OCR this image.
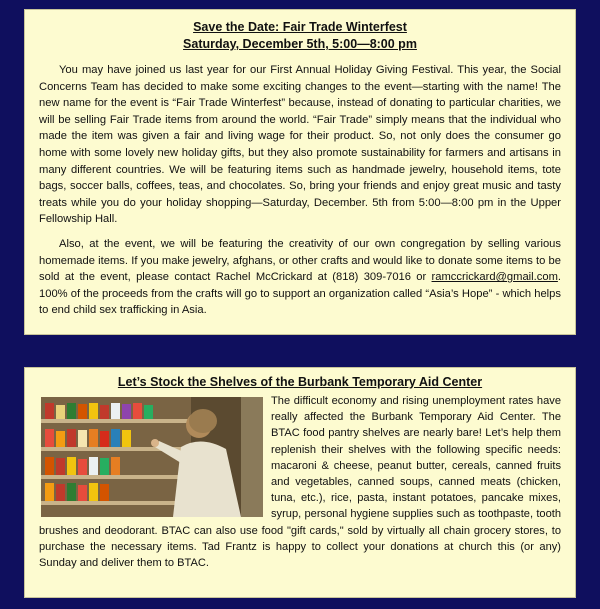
Save the Date: Fair Trade Winterfest
Saturday, December 5th, 5:00—8:00 pm

You may have joined us last year for our First Annual Holiday Giving Festival. This year, the Social Concerns Team has decided to make some exciting changes to the event—starting with the name! The new name for the event is “Fair Trade Winterfest” because, instead of donating to particular charities, we will be selling Fair Trade items from around the world. “Fair Trade” simply means that the individual who made the item was given a fair and living wage for their product. So, not only does the consumer go home with some lovely new holiday gifts, but they also promote sustainability for farmers and artisans in many different countries. We will be featuring items such as handmade jewelry, household items, tote bags, soccer balls, coffees, teas, and chocolates. So, bring your friends and enjoy great music and tasty treats while you do your holiday shopping—Saturday, December. 5th from 5:00—8:00 pm in the Upper Fellowship Hall.

Also, at the event, we will be featuring the creativity of our own congregation by selling various homemade items. If you make jewelry, afghans, or other crafts and would like to donate some items to be sold at the event, please contact Rachel McCrickard at (818) 309-7016 or ramccrickard@gmail.com. 100% of the proceeds from the crafts will go to support an organization called “Asia’s Hope” - which helps to end child sex trafficking in Asia.

Let’s Stock the Shelves of the Burbank Temporary Aid Center

The difficult economy and rising unemployment rates have really affected the Burbank Temporary Aid Center. The BTAC food pantry shelves are nearly bare! Let’s help them replenish their shelves with the following specific needs: macaroni & cheese, peanut butter, cereals, canned fruits and vegetables, canned soups, canned meats (chicken, tuna, etc.), rice, pasta, instant potatoes, pancake mixes, syrup, personal hygiene supplies such as toothpaste, tooth brushes and deodorant. BTAC can also use food "gift cards," sold by virtually all chain grocery stores, to purchase the necessary items. Tad Frantz is happy to collect your donations at church this (or any) Sunday and deliver them to BTAC.
